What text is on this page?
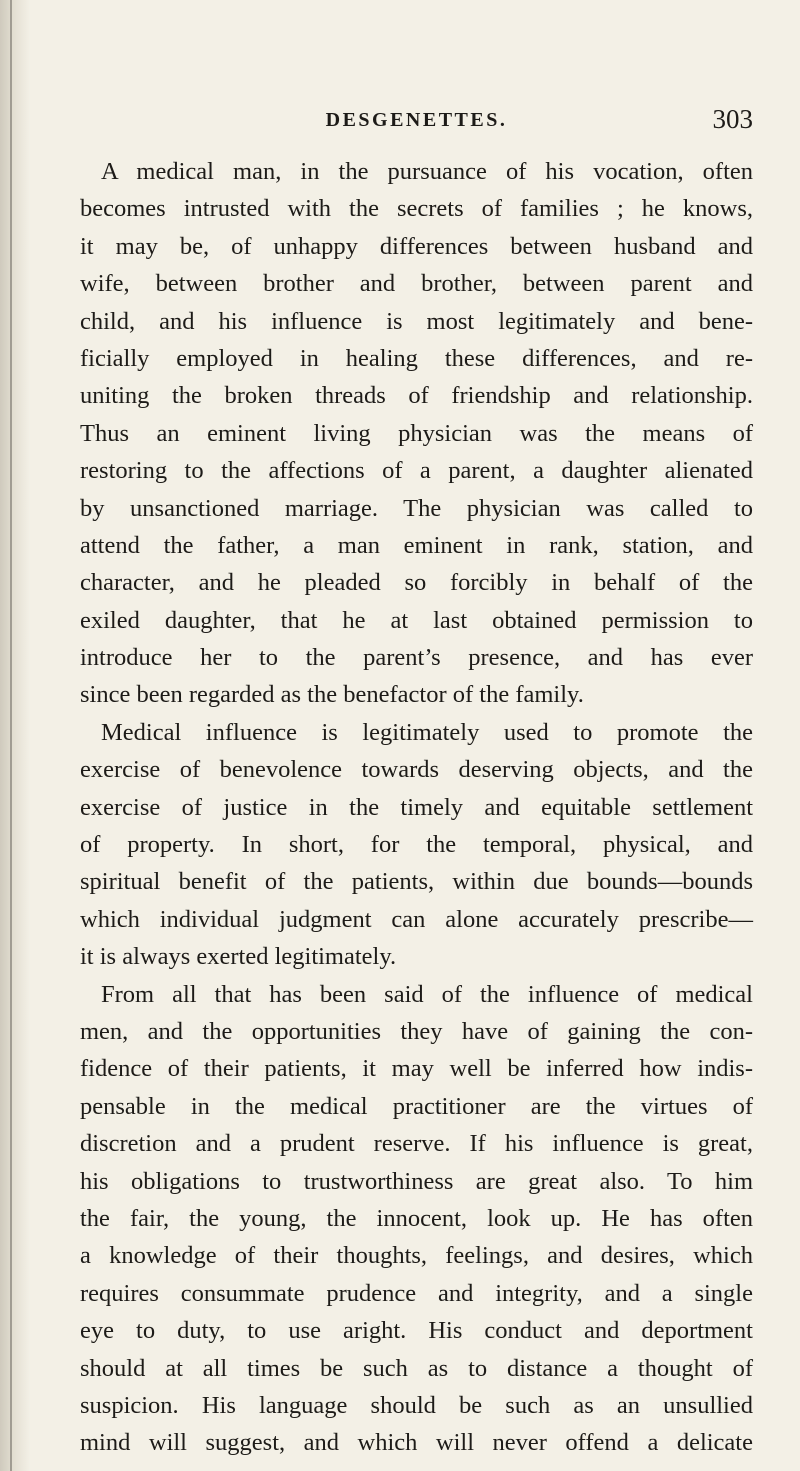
DESGENETTES.	303
A medical man, in the pursuance of his vocation, often
becomes intrusted with the secrets of families ; he knows,
it may be, of unhappy differences between husband and
wife, between brother and brother, between parent and
child, and his influence is most legitimately and bene-
ficially employed in healing these differences, and re-
uniting the broken threads of friendship and relationship.
Thus an eminent living physician was the means of
restoring to the affections of a parent, a daughter alienated
by unsanctioned marriage. The physician was called to
attend the father, a man eminent in rank, station, and
character, and he pleaded so forcibly in behalf of the
exiled daughter, that he at last obtained permission to
introduce her to the parent’s presence, and has ever
since been regarded as the benefactor of the family.
Medical influence is legitimately used to promote the
exercise of benevolence towards deserving objects, and the
exercise of justice in the timely and equitable settlement
of property. In short, for the temporal, physical, and
spiritual benefit of the patients, within due bounds—bounds
which individual judgment can alone accurately prescribe—
it is always exerted legitimately.
From all that has been said of the influence of medical
men, and the opportunities they have of gaining the con-
fidence of their patients, it may well be inferred how indis-
pensable in the medical practitioner are the virtues of
discretion and a prudent reserve. If his influence is great,
his obligations to trustworthiness are great also. To him
the fair, the young, the innocent, look up. He has often
a knowledge of their thoughts, feelings, and desires, which
requires consummate prudence and integrity, and a single
eye to duty, to use aright. His conduct and deportment
should at all times be such as to distance a thought of
suspicion. His language should be such as an unsullied
mind will suggest, and which will never offend a delicate
